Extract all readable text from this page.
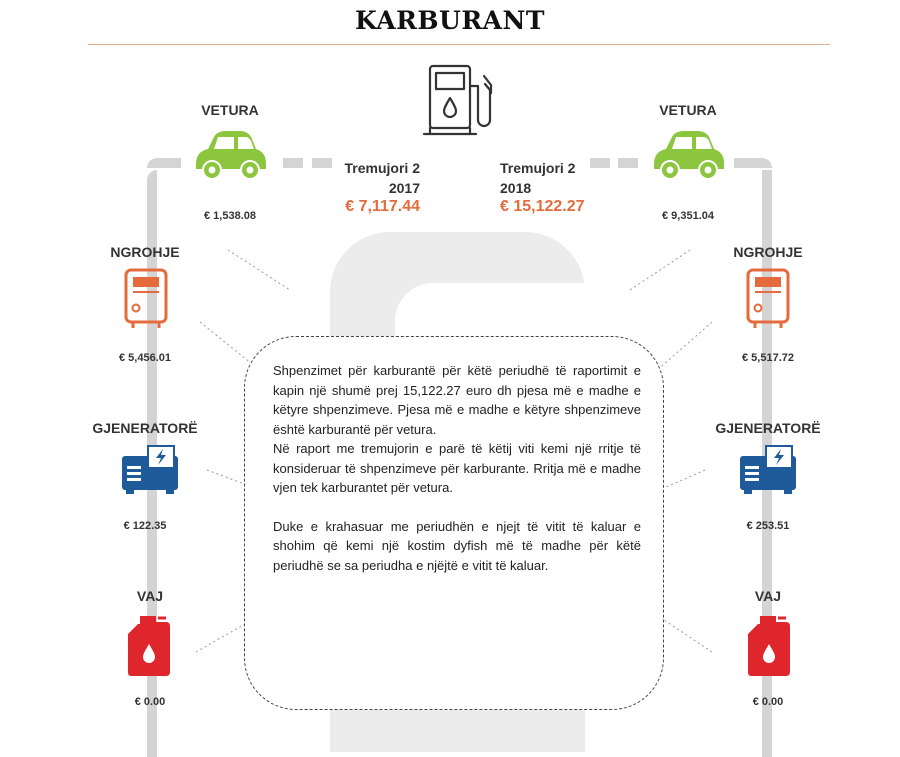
KARBURANT
Tremujori 2
2017
€ 7,117.44
Tremujori 2
2018
€ 15,122.27
VETURA
€ 1,538.08
NGROHJE
€ 5,456.01
GJENERATORË
€ 122.35
VAJ
€ 0.00
VETURA
€ 9,351.04
NGROHJE
€ 5,517.72
GJENERATORË
€ 253.51
VAJ
€ 0.00

Shpenzimet për karburantë për këtë periudhë të raportimit e kapin një shumë prej 15,122.27 euro dh pjesa më e madhe e këtyre shpenzimeve. Pjesa më e madhe e këtyre shpenzimeve është karburantë për vetura.

Në raport me tremujorin e parë të këtij viti kemi një rritje të konsideruar të shpenzimeve për karburante. Rritja më e madhe vjen tek karburantet për vetura.

Duke e krahasuar me periudhën e njejt të vitit të kaluar e shohim që kemi një kostim dyfish më të madhe për këtë periudhë se sa periudha e njëjtë e vitit të kaluar.
